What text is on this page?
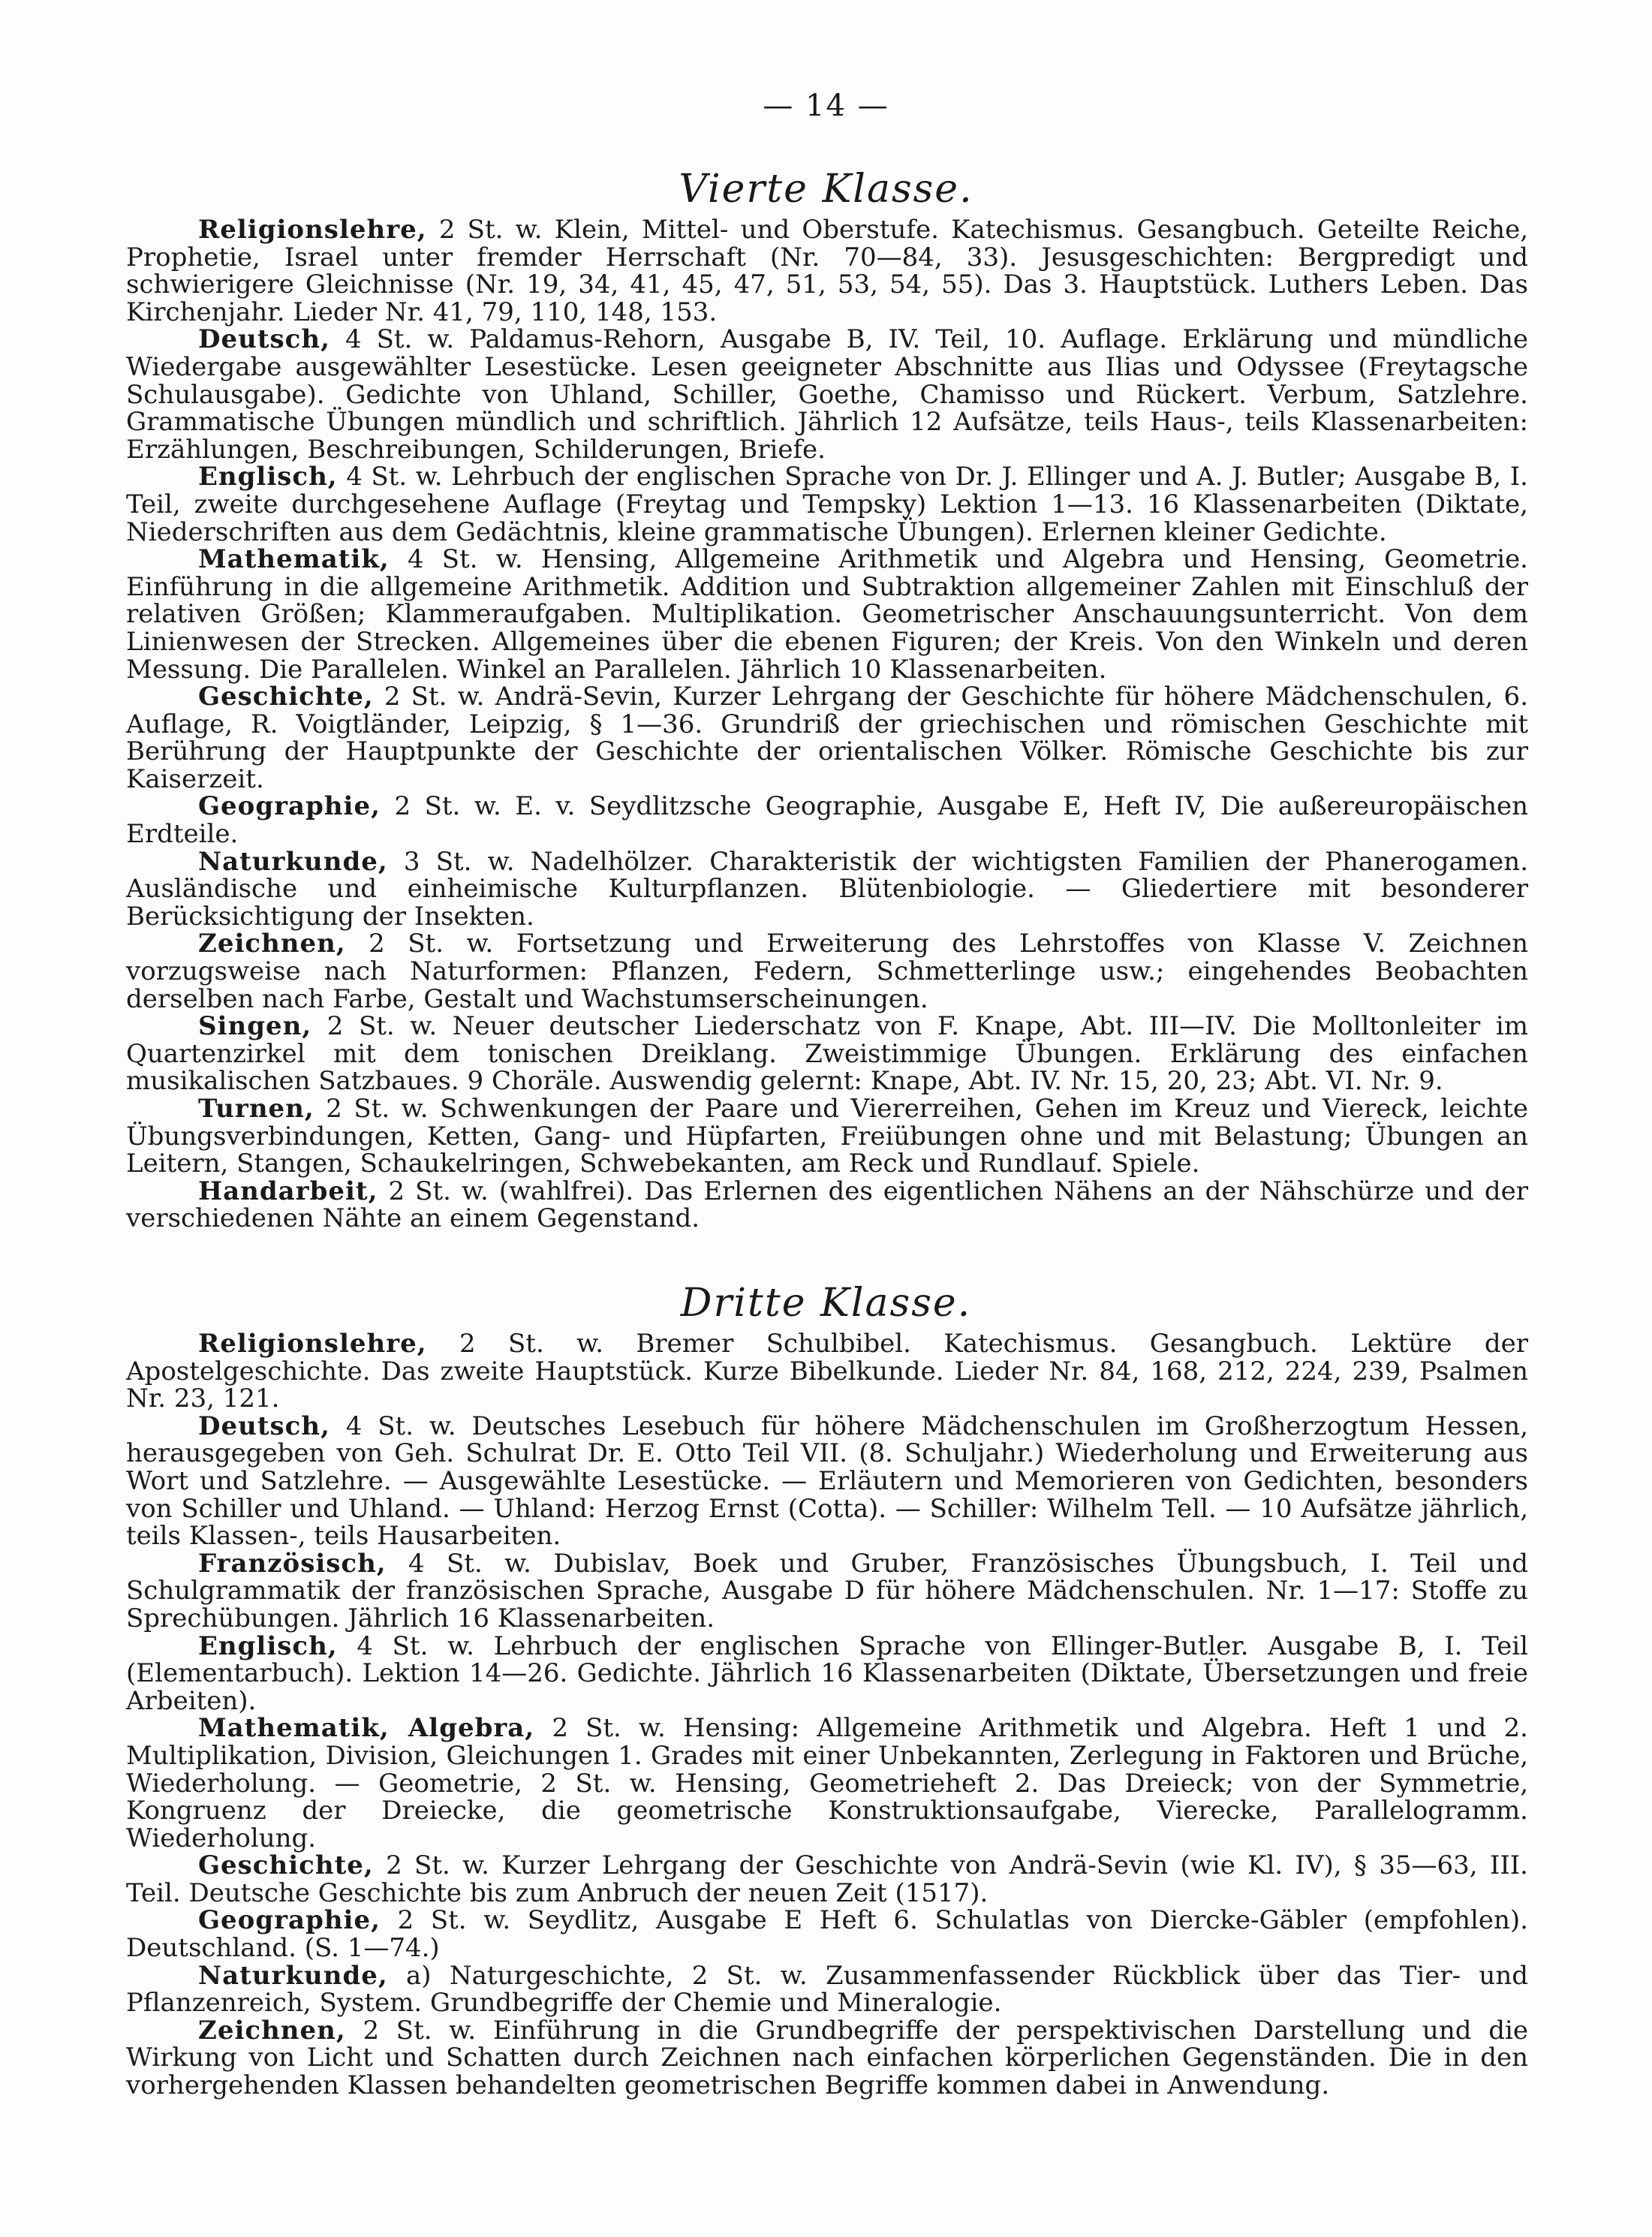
— 14 —
Vierte Klasse.

Religionslehre, 2 St. w. Klein, Mittel- und Oberstufe. Katechismus. Gesangbuch. Geteilte Reiche, Prophetie, Israel unter fremder Herrschaft (Nr. 70—84, 33). Jesusgeschichten: Bergpredigt und schwierigere Gleichnisse (Nr. 19, 34, 41, 45, 47, 51, 53, 54, 55). Das 3. Hauptstück. Luthers Leben. Das Kirchenjahr. Lieder Nr. 41, 79, 110, 148, 153.

Deutsch, 4 St. w. Paldamus-Rehorn, Ausgabe B, IV. Teil, 10. Auflage. Erklärung und mündliche Wiedergabe ausgewählter Lesestücke. Lesen geeigneter Abschnitte aus Ilias und Odyssee (Freytagsche Schulausgabe). Gedichte von Uhland, Schiller, Goethe, Chamisso und Rückert. Verbum, Satzlehre. Grammatische Übungen mündlich und schriftlich. Jährlich 12 Aufsätze, teils Haus-, teils Klassenarbeiten: Erzählungen, Beschreibungen, Schilderungen, Briefe.

Englisch, 4 St. w. Lehrbuch der englischen Sprache von Dr. J. Ellinger und A. J. Butler; Ausgabe B, I. Teil, zweite durchgesehene Auflage (Freytag und Tempsky) Lektion 1—13. 16 Klassenarbeiten (Diktate, Niederschriften aus dem Gedächtnis, kleine grammatische Übungen). Erlernen kleiner Gedichte.

Mathematik, 4 St. w. Hensing, Allgemeine Arithmetik und Algebra und Hensing, Geometrie. Einführung in die allgemeine Arithmetik. Addition und Subtraktion allgemeiner Zahlen mit Einschluß der relativen Größen; Klammeraufgaben. Multiplikation. Geometrischer Anschauungsunterricht. Von dem Linienwesen der Strecken. Allgemeines über die ebenen Figuren; der Kreis. Von den Winkeln und deren Messung. Die Parallelen. Winkel an Parallelen. Jährlich 10 Klassenarbeiten.

Geschichte, 2 St. w. Andrä-Sevin, Kurzer Lehrgang der Geschichte für höhere Mädchenschulen, 6. Auflage, R. Voigtländer, Leipzig, § 1—36. Grundriß der griechischen und römischen Geschichte mit Berührung der Hauptpunkte der Geschichte der orientalischen Völker. Römische Geschichte bis zur Kaiserzeit.

Geographie, 2 St. w. E. v. Seydlitzsche Geographie, Ausgabe E, Heft IV, Die außereuropäischen Erdteile.

Naturkunde, 3 St. w. Nadelhölzer. Charakteristik der wichtigsten Familien der Phanerogamen. Ausländische und einheimische Kulturpflanzen. Blütenbiologie. — Gliedertiere mit besonderer Berücksichtigung der Insekten.

Zeichnen, 2 St. w. Fortsetzung und Erweiterung des Lehrstoffes von Klasse V. Zeichnen vorzugsweise nach Naturformen: Pflanzen, Federn, Schmetterlinge usw.; eingehendes Beobachten derselben nach Farbe, Gestalt und Wachstumserscheinungen.

Singen, 2 St. w. Neuer deutscher Liederschatz von F. Knape, Abt. III—IV. Die Molltonleiter im Quartenzirkel mit dem tonischen Dreiklang. Zweistimmige Übungen. Erklärung des einfachen musikalischen Satzbaues. 9 Choräle. Auswendig gelernt: Knape, Abt. IV. Nr. 15, 20, 23; Abt. VI. Nr. 9.

Turnen, 2 St. w. Schwenkungen der Paare und Viererreihen, Gehen im Kreuz und Viereck, leichte Übungsverbindungen, Ketten, Gang- und Hüpfarten, Freiübungen ohne und mit Belastung; Übungen an Leitern, Stangen, Schaukelringen, Schwebekanten, am Reck und Rundlauf. Spiele.

Handarbeit, 2 St. w. (wahlfrei). Das Erlernen des eigentlichen Nähens an der Nähschürze und der verschiedenen Nähte an einem Gegenstand.

Dritte Klasse.

Religionslehre, 2 St. w. Bremer Schulbibel. Katechismus. Gesangbuch. Lektüre der Apostelgeschichte. Das zweite Hauptstück. Kurze Bibelkunde. Lieder Nr. 84, 168, 212, 224, 239, Psalmen Nr. 23, 121.

Deutsch, 4 St. w. Deutsches Lesebuch für höhere Mädchenschulen im Großherzogtum Hessen, herausgegeben von Geh. Schulrat Dr. E. Otto Teil VII. (8. Schuljahr.) Wiederholung und Erweiterung aus Wort und Satzlehre. — Ausgewählte Lesestücke. — Erläutern und Memorieren von Gedichten, besonders von Schiller und Uhland. — Uhland: Herzog Ernst (Cotta). — Schiller: Wilhelm Tell. — 10 Aufsätze jährlich, teils Klassen-, teils Hausarbeiten.

Französisch, 4 St. w. Dubislav, Boek und Gruber, Französisches Übungsbuch, I. Teil und Schulgrammatik der französischen Sprache, Ausgabe D für höhere Mädchenschulen. Nr. 1—17: Stoffe zu Sprechübungen. Jährlich 16 Klassenarbeiten.

Englisch, 4 St. w. Lehrbuch der englischen Sprache von Ellinger-Butler. Ausgabe B, I. Teil (Elementarbuch). Lektion 14—26. Gedichte. Jährlich 16 Klassenarbeiten (Diktate, Übersetzungen und freie Arbeiten).

Mathematik, Algebra, 2 St. w. Hensing: Allgemeine Arithmetik und Algebra. Heft 1 und 2. Multiplikation, Division, Gleichungen 1. Grades mit einer Unbekannten, Zerlegung in Faktoren und Brüche, Wiederholung. — Geometrie, 2 St. w. Hensing, Geometrieheft 2. Das Dreieck; von der Symmetrie, Kongruenz der Dreiecke, die geometrische Konstruktionsaufgabe, Vierecke, Parallelogramm. Wiederholung.

Geschichte, 2 St. w. Kurzer Lehrgang der Geschichte von Andrä-Sevin (wie Kl. IV), § 35—63, III. Teil. Deutsche Geschichte bis zum Anbruch der neuen Zeit (1517).

Geographie, 2 St. w. Seydlitz, Ausgabe E Heft 6. Schulatlas von Diercke-Gäbler (empfohlen). Deutschland. (S. 1—74.)

Naturkunde, a) Naturgeschichte, 2 St. w. Zusammenfassender Rückblick über das Tier- und Pflanzenreich, System. Grundbegriffe der Chemie und Mineralogie.

Zeichnen, 2 St. w. Einführung in die Grundbegriffe der perspektivischen Darstellung und die Wirkung von Licht und Schatten durch Zeichnen nach einfachen körperlichen Gegenständen. Die in den vorhergehenden Klassen behandelten geometrischen Begriffe kommen dabei in Anwendung.
